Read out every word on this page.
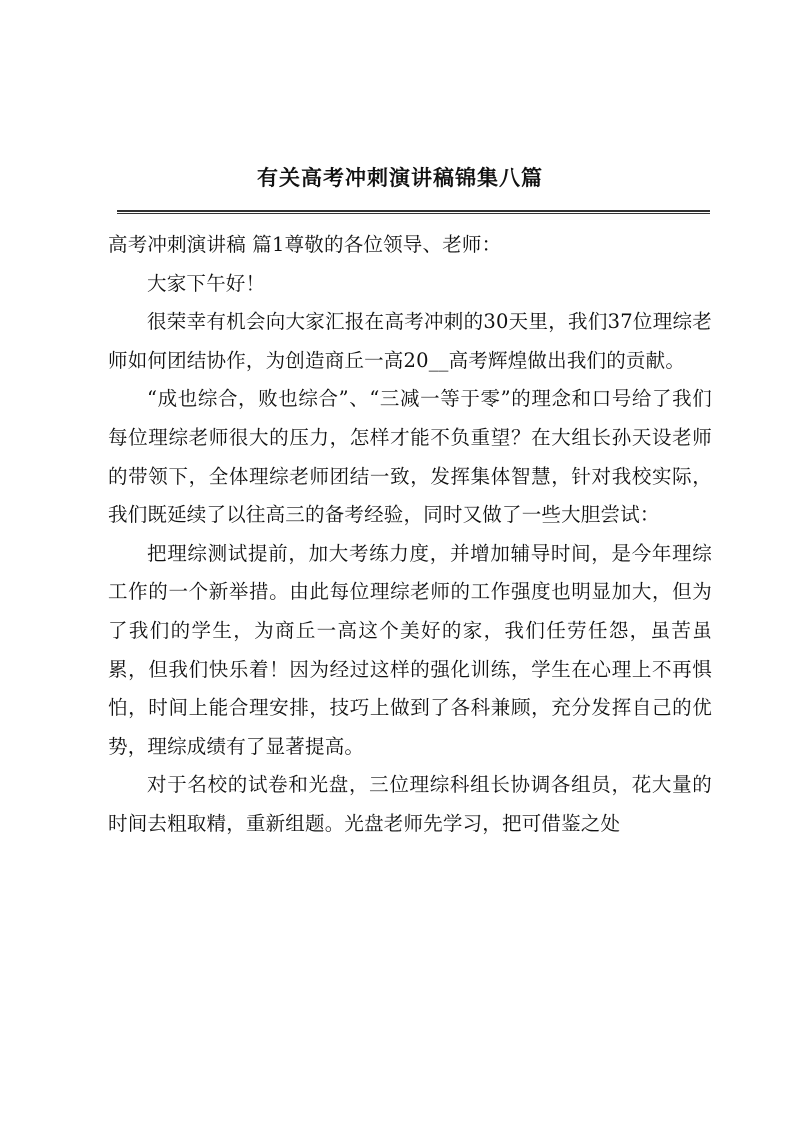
有关高考冲刺演讲稿锦集八篇

高考冲刺演讲稿 篇1尊敬的各位领导、老师：

大家下午好！

很荣幸有机会向大家汇报在高考冲刺的30天里，我们37位理综老师如何团结协作，为创造商丘一高20__高考辉煌做出我们的贡献。

“成也综合，败也综合”、“三减一等于零”的理念和口号给了我们每位理综老师很大的压力，怎样才能不负重望？在大组长孙天设老师的带领下，全体理综老师团结一致，发挥集体智慧，针对我校实际，我们既延续了以往高三的备考经验，同时又做了一些大胆尝试：

把理综测试提前，加大考练力度，并增加辅导时间，是今年理综工作的一个新举措。由此每位理综老师的工作强度也明显加大，但为了我们的学生，为商丘一高这个美好的家，我们任劳任怨，虽苦虽累，但我们快乐着！因为经过这样的强化训练，学生在心理上不再惧怕，时间上能合理安排，技巧上做到了各科兼顾，充分发挥自己的优势，理综成绩有了显著提高。

对于名校的试卷和光盘，三位理综科组长协调各组员，花大量的时间去粗取精，重新组题。光盘老师先学习，把可借鉴之处
